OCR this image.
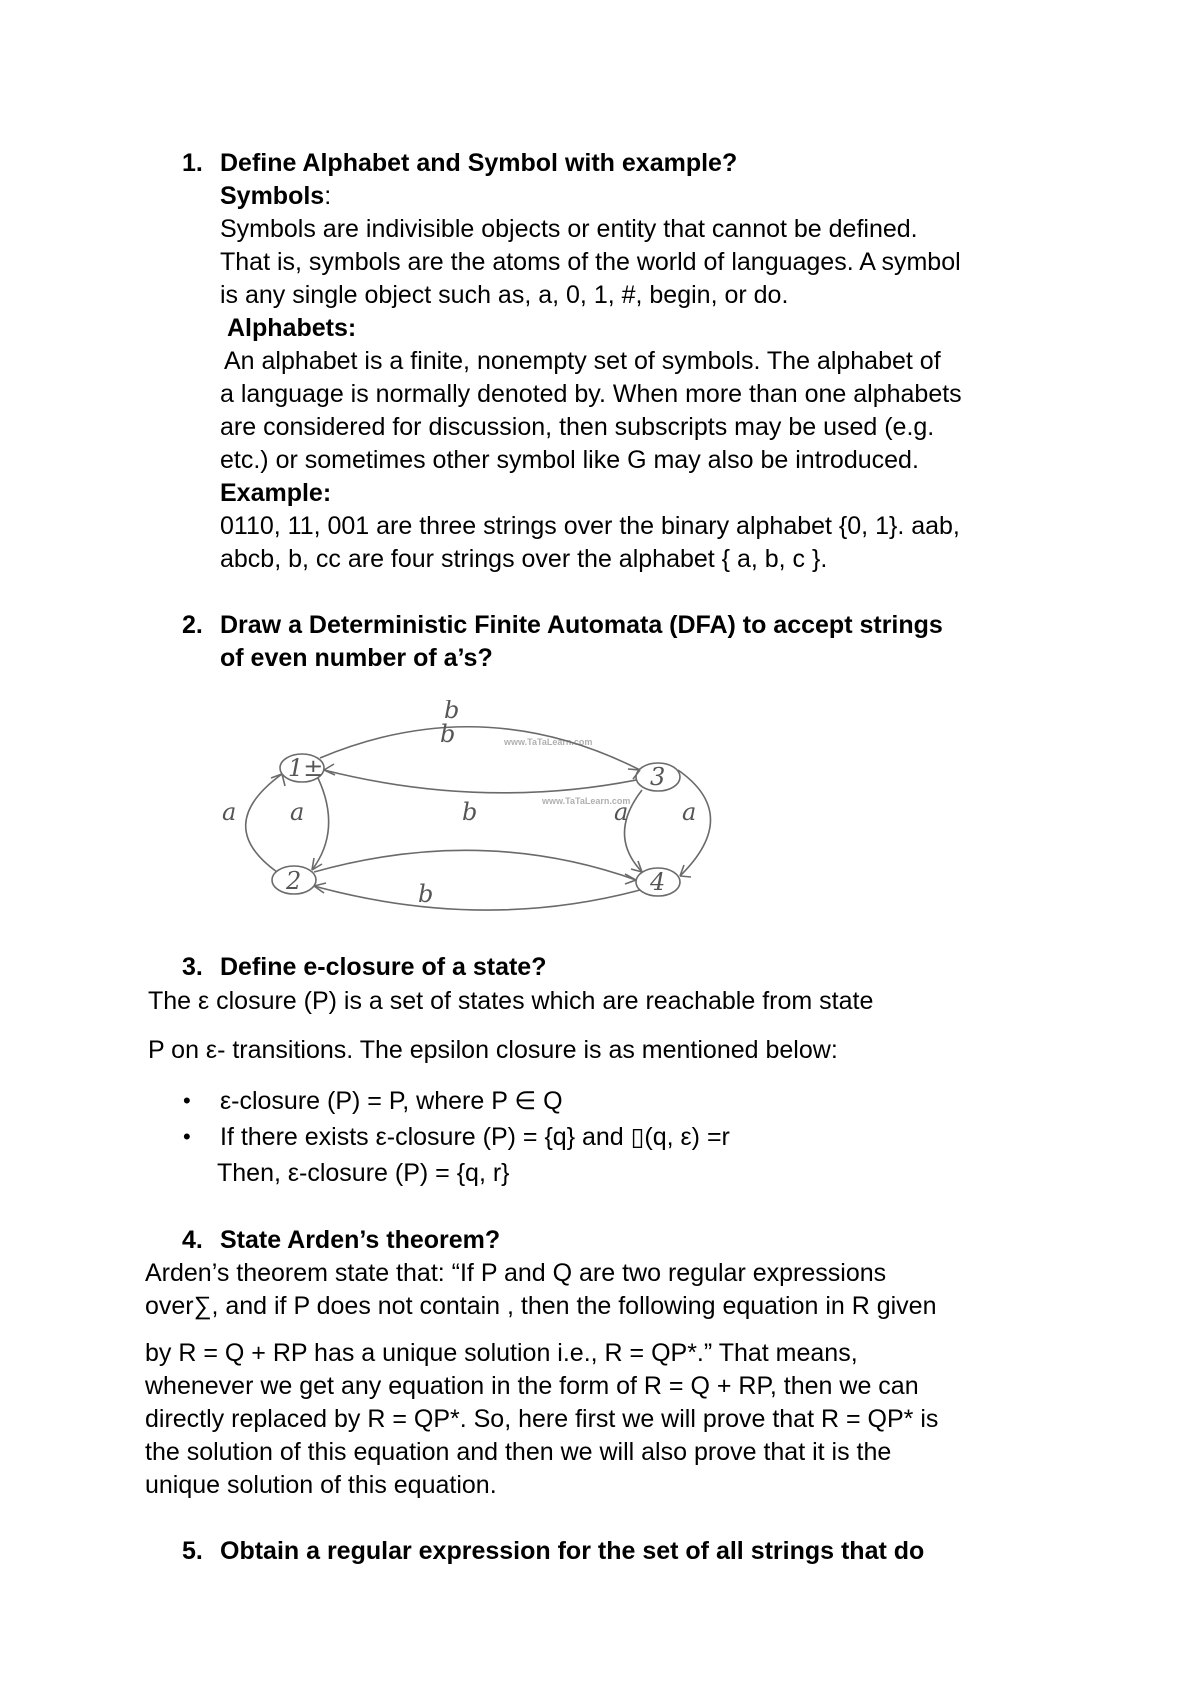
1. Define Alphabet and Symbol with example?
Symbols:
Symbols are indivisible objects or entity that cannot be defined.
That is, symbols are the atoms of the world of languages. A symbol
is any single object such as, a, 0, 1, #, begin, or do.
Alphabets:
An alphabet is a finite, nonempty set of symbols. The alphabet of
a language is normally denoted by. When more than one alphabets
are considered for discussion, then subscripts may be used (e.g.
etc.) or sometimes other symbol like G may also be introduced.
Example:
0110, 11, 001 are three strings over the binary alphabet {0, 1}. aab,
abcb, b, cc are four strings over the alphabet { a, b, c }.
2. Draw a Deterministic Finite Automata (DFA) to accept strings
of even number of a’s?
www.TaTaLearn.com
www.TaTaLearn.com
1±
2
3
4
b
b
a a	a a
b
b
3. Define e-closure of a state?
The ε closure (P) is a set of states which are reachable from state
P on ε- transitions. The epsilon closure is as mentioned below:
• ε-closure (P) = P, where P ∈ Q
• If there exists ε-closure (P) = {q} and ▯(q, ε) =r
Then, ε-closure (P) = {q, r}
4. State Arden’s theorem?
Arden’s theorem state that: “If P and Q are two regular expressions
over∑, and if P does not contain , then the following equation in R given
by R = Q + RP has a unique solution i.e., R = QP*.” That means,
whenever we get any equation in the form of R = Q + RP, then we can
directly replaced by R = QP*. So, here first we will prove that R = QP* is
the solution of this equation and then we will also prove that it is the
unique solution of this equation.
5. Obtain a regular expression for the set of all strings that do
